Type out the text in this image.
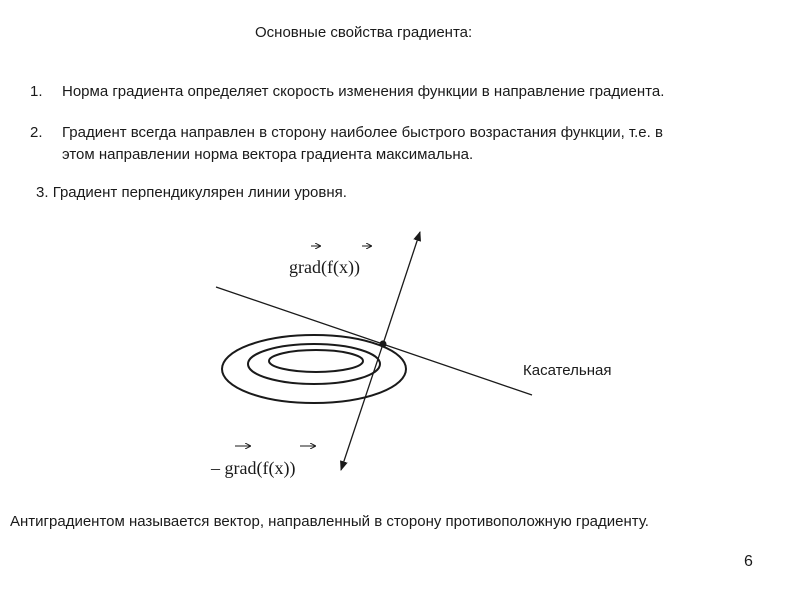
Основные свойства градиента:
1. Норма градиента определяет скорость изменения функции в направление градиента.
2. Градиент всегда направлен в сторону наиболее быстрого возрастания функции, т.е. в
этом направлении норма вектора градиента максимальна.
3. Градиент перпендикулярен линии уровня.
grad(f(x))
– grad(f(x))
Касательная
Антиградиентом называется вектор, направленный в сторону противоположную градиенту.
6
